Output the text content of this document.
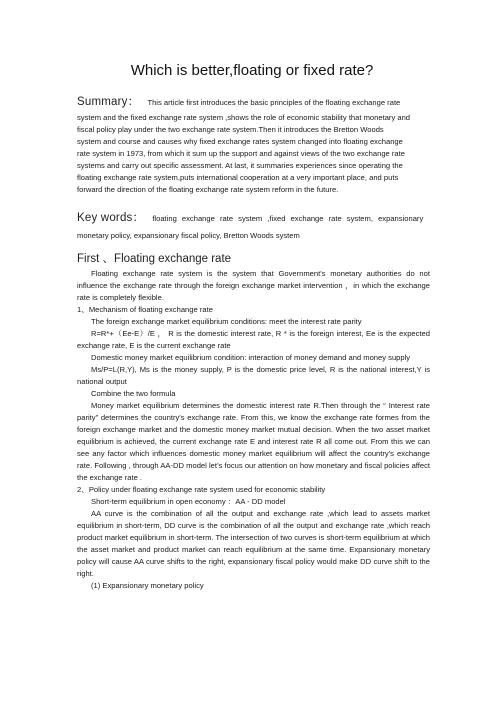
Which is better,floating or fixed rate?
Summary： This article first introduces the basic principles of the floating exchange rate

system and the fixed exchange rate system ,shows the role of economic stability that monetary and

fiscal policy play under the two exchange rate system.Then it introduces the Bretton Woods

system and course and causes why fixed exchange rates system changed into floating exchange

rate system in 1973, from which it sum up the support and against views of the two exchange rate

systems and carry out specific assessment. At last, it summaries experiences since operating the

floating exchange rate system,puts international cooperation at a very important place, and puts

forward the direction of the floating exchange rate system reform in the future.

Key words： floating exchange rate system ,fixed exchange rate system, expansionary

monetary policy, expansionary fiscal policy, Bretton Woods system

First 、Floating exchange rate

Floating exchange rate system is the system that Government's monetary authorities do not influence the exchange rate through the foreign exchange market intervention ，in which the exchange rate is completely flexible.

1、Mechanism of floating exchange rate

The foreign exchange market equilibrium conditions: meet the interest rate parity

R=R*+（Ee-E）/E ， R is the domestic interest rate, R * is the foreign interest, Ee is the expected exchange rate, E is the current exchange rate

Domestic money market equilibrium condition: interaction of money demand and money supply

Ms/P=L(R,Y), Ms is the money supply, P is the domestic price level, R is the national interest,Y is national output

Combine the two formula

Money market equilibrium determines the domestic interest rate R.Then through the “ Interest rate parity” determines the country's exchange rate. From this, we know the exchange rate formes from the foreign exchange market and the domestic money market mutual decision. When the two asset market equilibrium is achieved, the current exchange rate E and interest rate R all come out. From this we can see any factor which influences domestic money market equilibrium will affect the country's exchange rate. Following , through AA-DD model let’s focus our attention on how monetary and fiscal policies affect the exchange rate .

2、Policy under floating exchange rate system used for economic stability

Short-term equilibrium in open economy ：AA - DD model

AA curve is the combination of all the output and exchange rate ,which lead to assets market equilibrium in short-term, DD curve is the combination of all the output and exchange rate ,which reach product market equilibrium in short-term. The intersection of two curves is short-term equilibrium at which the asset market and product market can reach equilibrium at the same time. Expansionary monetary policy will cause AA curve shifts to the right, expansionary fiscal policy would make DD curve shift to the right.

(1) Expansionary monetary policy
